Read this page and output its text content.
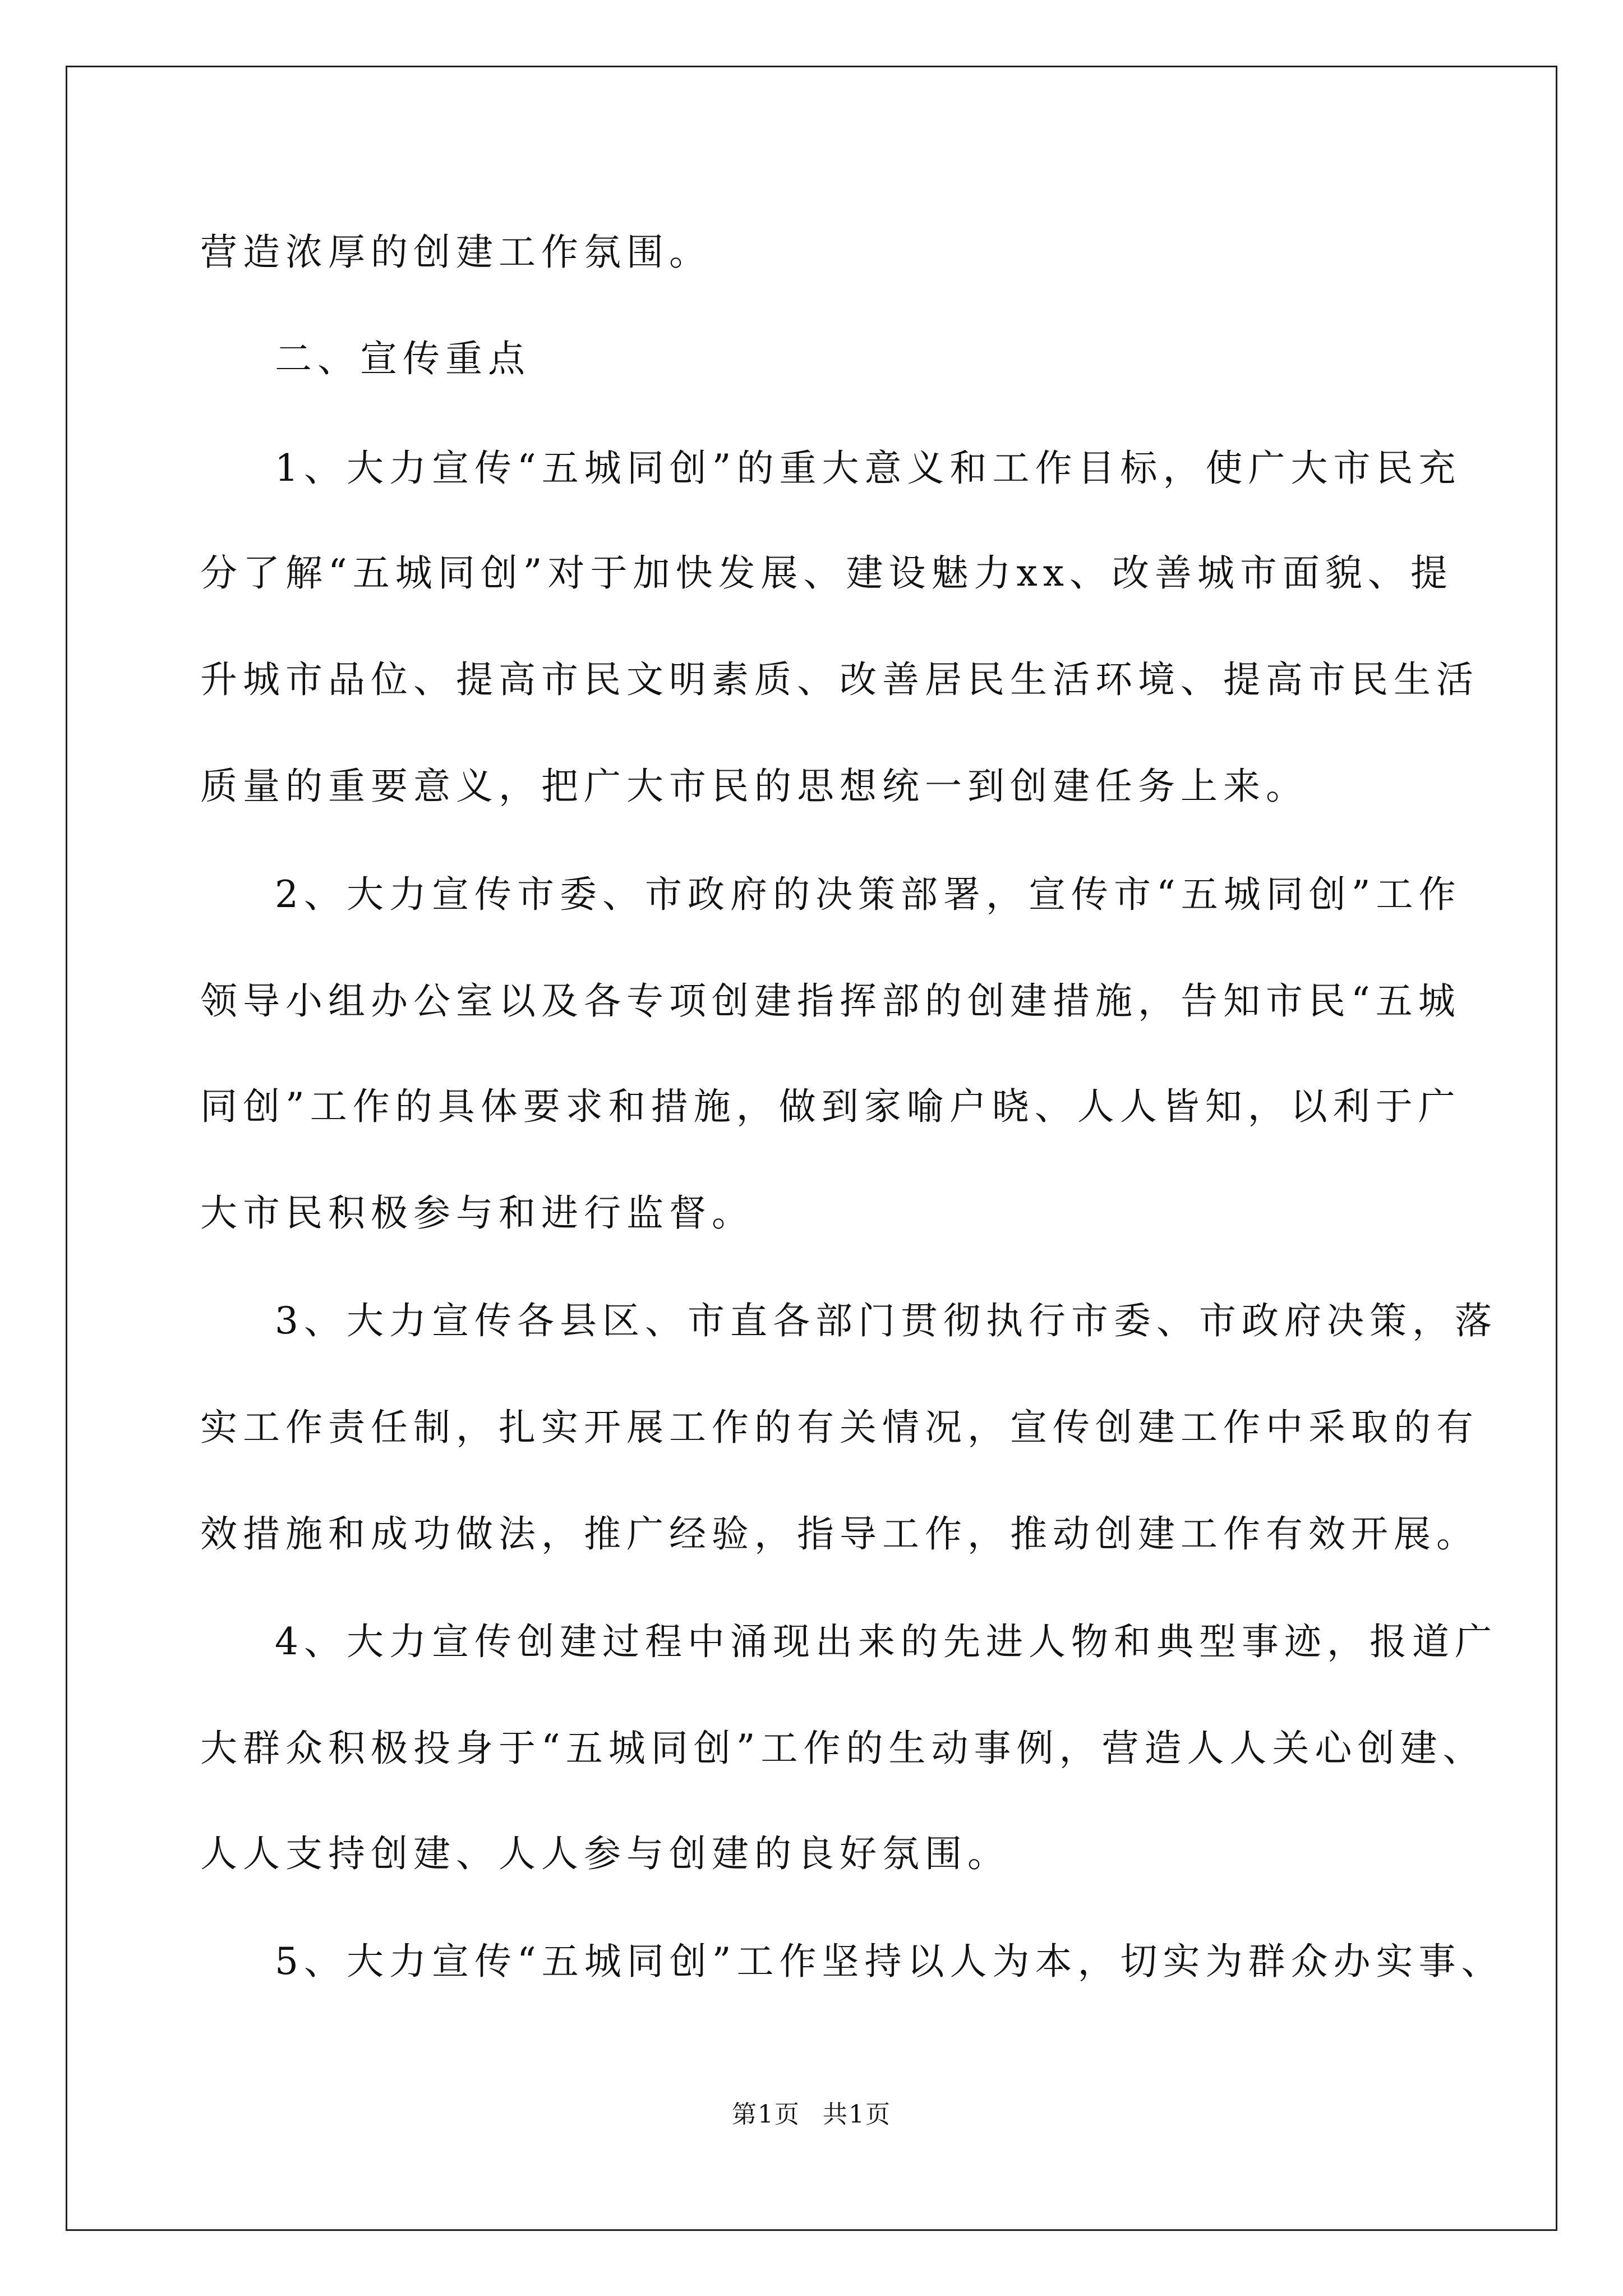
营造浓厚的创建工作氛围。
二、宣传重点
1、大力宣传“五城同创”的重大意义和工作目标，使广大市民充
分了解“五城同创”对于加快发展、建设魅力xx、改善城市面貌、提
升城市品位、提高市民文明素质、改善居民生活环境、提高市民生活
质量的重要意义，把广大市民的思想统一到创建任务上来。
2、大力宣传市委、市政府的决策部署，宣传市“五城同创”工作
领导小组办公室以及各专项创建指挥部的创建措施，告知市民“五城
同创”工作的具体要求和措施，做到家喻户晓、人人皆知，以利于广
大市民积极参与和进行监督。
3、大力宣传各县区、市直各部门贯彻执行市委、市政府决策，落
实工作责任制，扎实开展工作的有关情况，宣传创建工作中采取的有
效措施和成功做法，推广经验，指导工作，推动创建工作有效开展。
4、大力宣传创建过程中涌现出来的先进人物和典型事迹，报道广
大群众积极投身于“五城同创”工作的生动事例，营造人人关心创建、
人人支持创建、人人参与创建的良好氛围。
5、大力宣传“五城同创”工作坚持以人为本，切实为群众办实事、
第1页 共1页
